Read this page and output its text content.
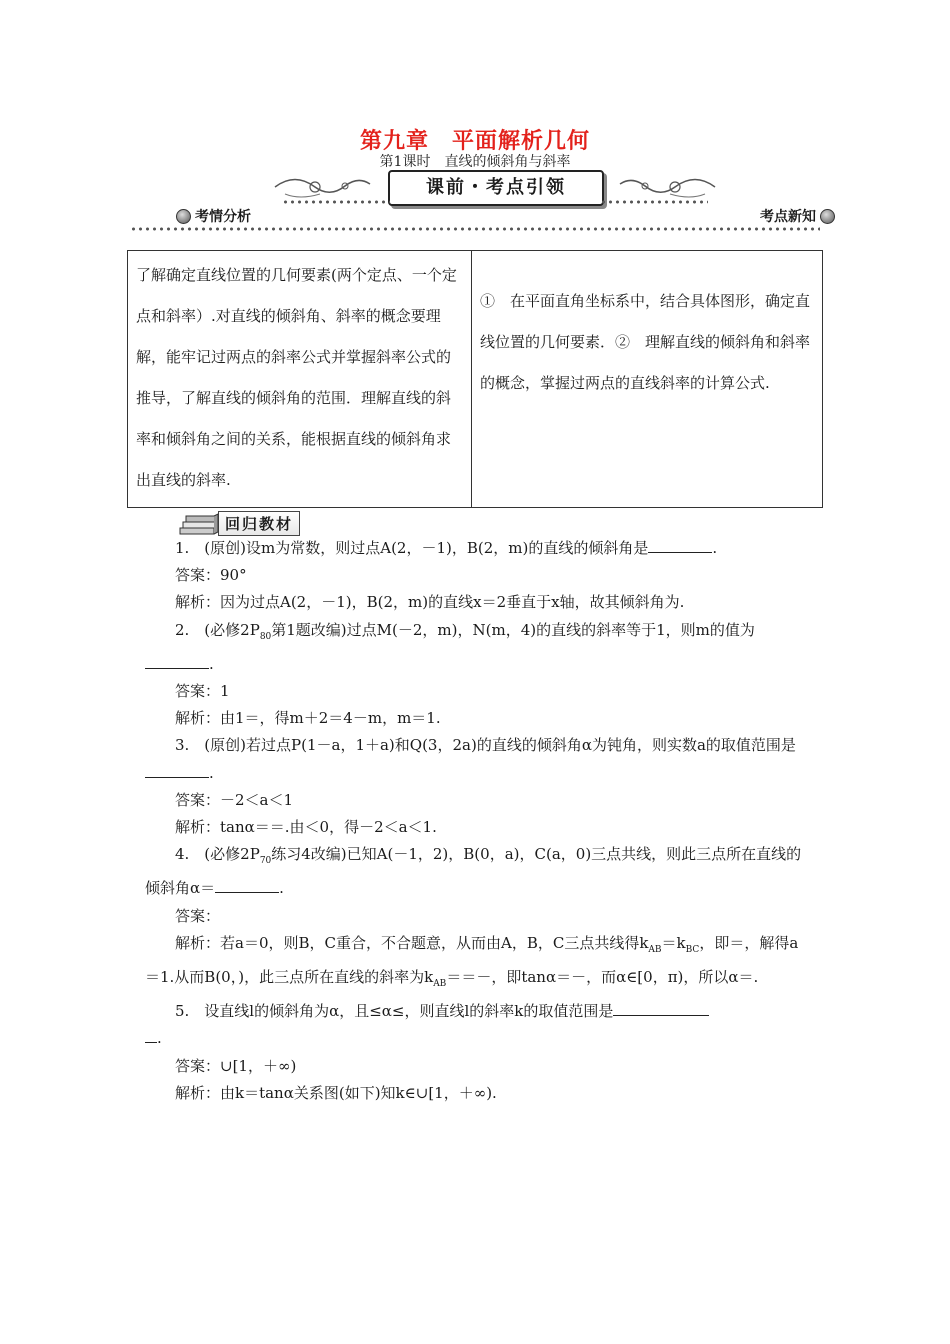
第九章　平面解析几何
第1课时　直线的倾斜角与斜率
课前・考点引领
考情分析	考点新知
了解确定直线位置的几何要素(两个定点、一个定点和斜率）.对直线的倾斜角、斜率的概念要理解，能牢记过两点的斜率公式并掌握斜率公式的推导，了解直线的倾斜角的范围．理解直线的斜率和倾斜角之间的关系，能根据直线的倾斜角求出直线的斜率.
①　在平面直角坐标系中，结合具体图形，确定直线位置的几何要素．②　理解直线的倾斜角和斜率的概念，掌握过两点的直线斜率的计算公式.
回归教材

1.　(原创)设m为常数，则过点A(2，－1)，B(2，m)的直线的倾斜角是	.

答案：90°

解析：因为过点A(2，－1)，B(2，m)的直线x＝2垂直于x轴，故其倾斜角为.

2.　(必修$2P_{80}$第1题改编)过点M(－2，m)，N(m，4)的直线的斜率等于1，则m的值为
.

答案：1

解析：由1＝，得m＋2＝4－m，m＝1.

3.　(原创)若过点P(1－a，1＋a)和Q(3，2a)的直线的倾斜角α为钝角，则实数a的取值范围是.

答案：－2＜a＜1

解析：tanα＝＝.由＜0，得－2＜a＜1.

4.　(必修$2P_{70}$练习4改编)已知A(－1，2)，B(0，a)，C(a，0)三点共线，则此三点所在直线的倾斜角α＝	.

答案：

解析：若a＝0，则B，C重合，不合题意，从而由A，B，C三点共线得$k_{AB}=k_{BC}$，即＝，解得a＝1.从而B(0，)，此三点所在直线的斜率为$k_{AB}==-$，即tanα＝－，而α∈[0，π)，所以α＝.

5.　设直线l的倾斜角为α，且≤α≤，则直线l的斜率k的取值范围是
.

答案：∪[1，＋∞)

解析：由k＝tanα关系图(如下)知k∈∪[1，＋∞).
